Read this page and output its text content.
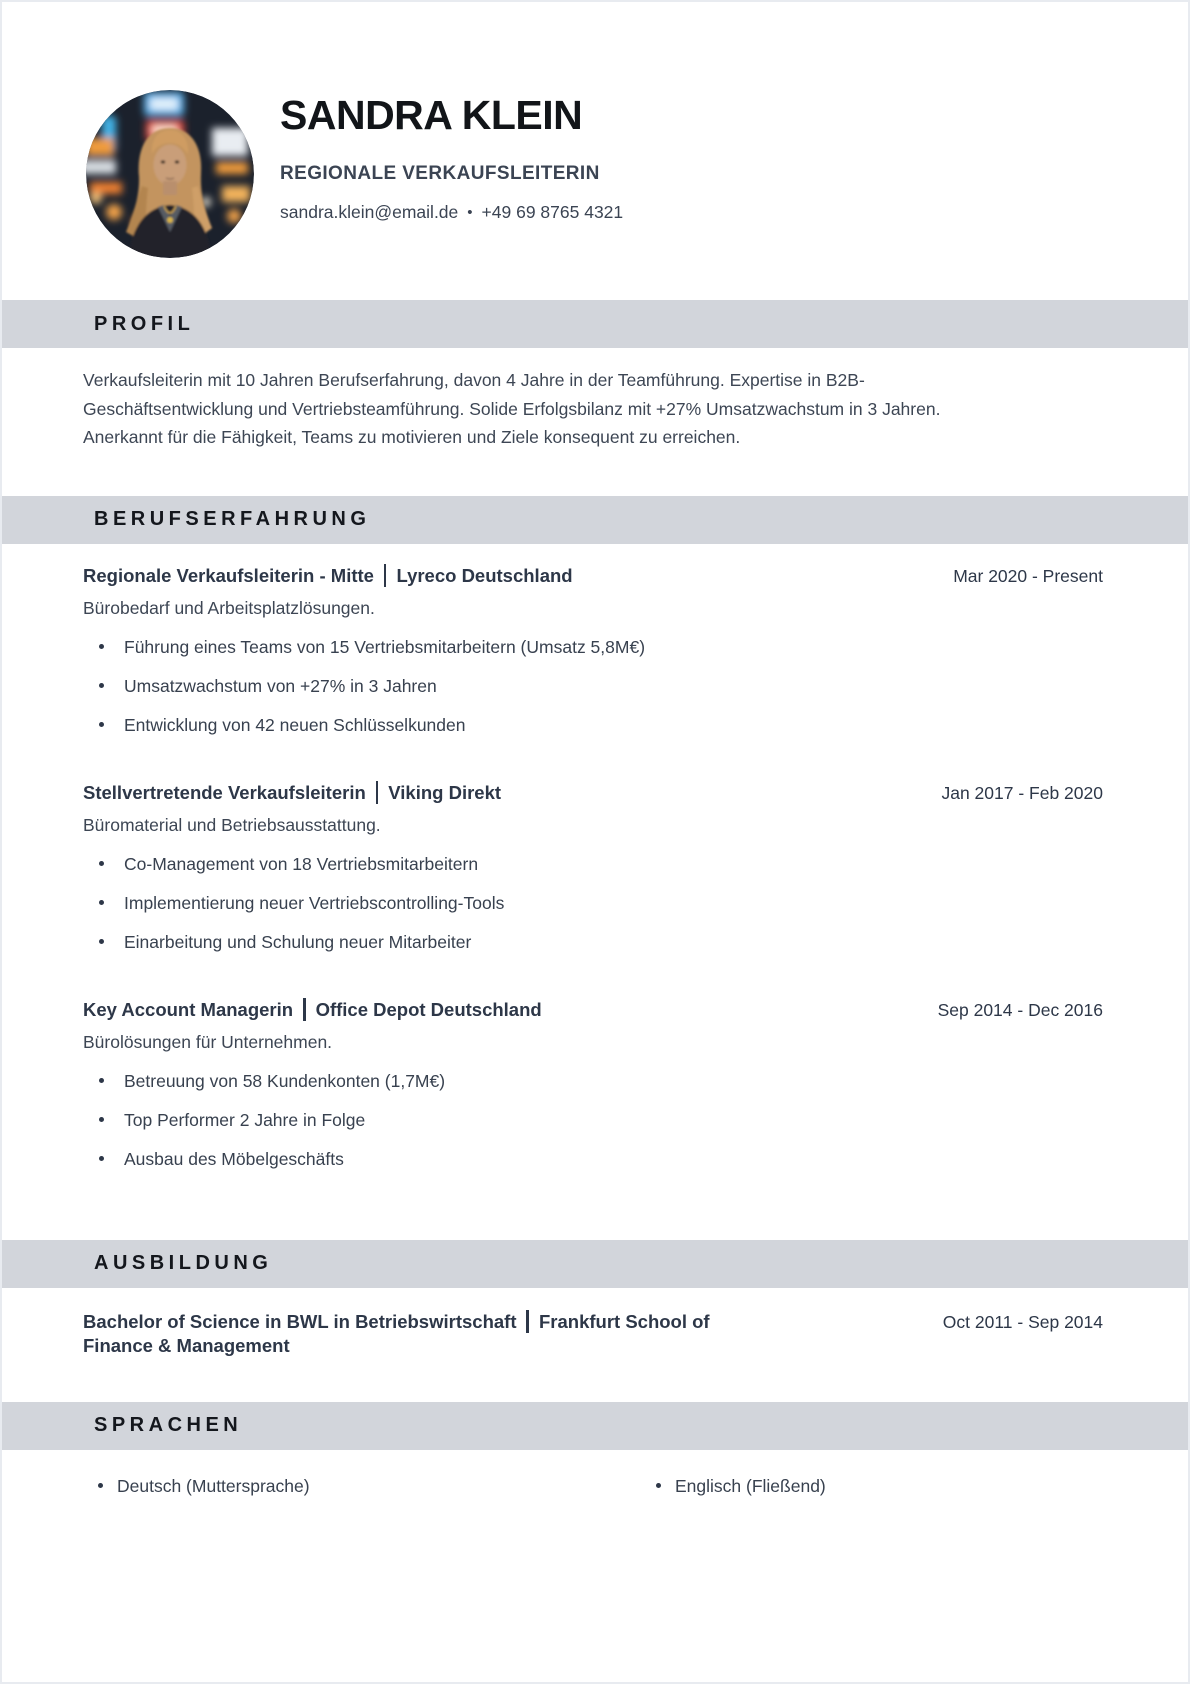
SANDRA KLEIN
REGIONALE VERKAUFSLEITERIN
sandra.klein@email.de • +49 69 8765 4321
PROFIL

Verkaufsleiterin mit 10 Jahren Berufserfahrung, davon 4 Jahre in der Teamführung. Expertise in B2B-Geschäftsentwicklung und Vertriebsteamführung. Solide Erfolgsbilanz mit +27% Umsatzwachstum in 3 Jahren. Anerkannt für die Fähigkeit, Teams zu motivieren und Ziele konsequent zu erreichen.

BERUFSERFAHRUNG
Regionale Verkaufsleiterin - Mitte Lyreco Deutschland	Mar 2020 - Present
Bürobedarf und Arbeitsplatzlösungen.
Führung eines Teams von 15 Vertriebsmitarbeitern (Umsatz 5,8M€)
Umsatzwachstum von +27% in 3 Jahren
Entwicklung von 42 neuen Schlüsselkunden
Stellvertretende Verkaufsleiterin Viking Direkt	Jan 2017 - Feb 2020
Büromaterial und Betriebsausstattung.
Co-Management von 18 Vertriebsmitarbeitern
Implementierung neuer Vertriebscontrolling-Tools
Einarbeitung und Schulung neuer Mitarbeiter
Key Account Managerin Office Depot Deutschland	Sep 2014 - Dec 2016
Bürolösungen für Unternehmen.
Betreuung von 58 Kundenkonten (1,7M€)
Top Performer 2 Jahre in Folge
Ausbau des Möbelgeschäfts
AUSBILDUNG
Bachelor of Science in BWL in Betriebswirtschaft Frankfurt School of Finance & Management
Oct 2011 - Sep 2014
SPRACHEN
Deutsch (Muttersprache)	Englisch (Fließend)
